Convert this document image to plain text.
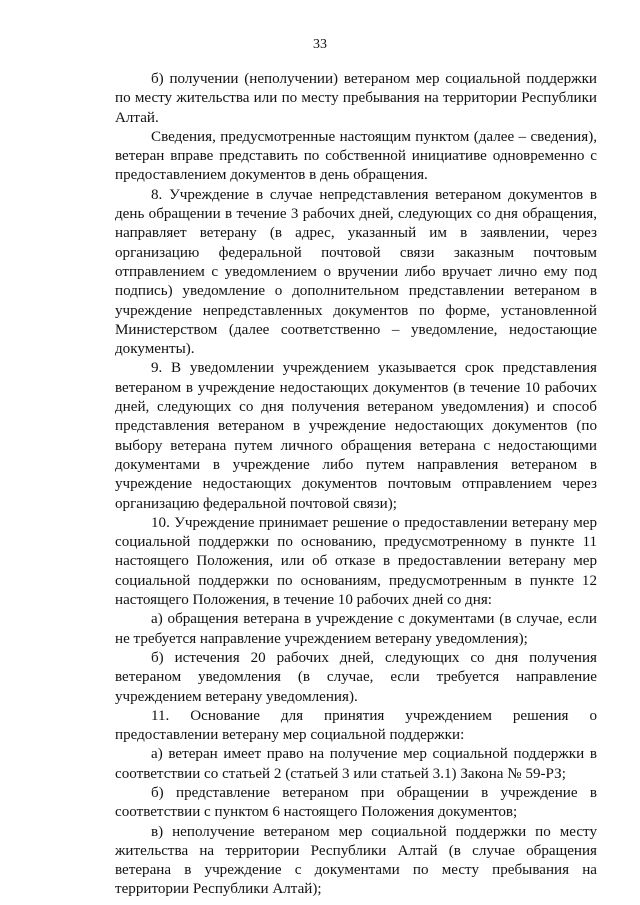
33

б) получении (неполучении) ветераном мер социальной поддержки по месту жительства или по месту пребывания на территории Республики Алтай.

Сведения, предусмотренные настоящим пунктом (далее – сведения), ветеран вправе представить по собственной инициативе одновременно с предоставлением документов в день обращения.

8. Учреждение в случае непредставления ветераном документов в день обращении в течение 3 рабочих дней, следующих со дня обращения, направляет ветерану (в адрес, указанный им в заявлении, через организацию федеральной почтовой связи заказным почтовым отправлением с уведомлением о вручении либо вручает лично ему под подпись) уведомление о дополнительном представлении ветераном в учреждение непредставленных документов по форме, установленной Министерством (далее соответственно – уведомление, недостающие документы).

9. В уведомлении учреждением указывается срок представления ветераном в учреждение недостающих документов (в течение 10 рабочих дней, следующих со дня получения ветераном уведомления) и способ представления ветераном в учреждение недостающих документов (по выбору ветерана путем личного обращения ветерана с недостающими документами в учреждение либо путем направления ветераном в учреждение недостающих документов почтовым отправлением через организацию федеральной почтовой связи);

10. Учреждение принимает решение о предоставлении ветерану мер социальной поддержки по основанию, предусмотренному в пункте 11 настоящего Положения, или об отказе в предоставлении ветерану мер социальной поддержки по основаниям, предусмотренным в пункте 12 настоящего Положения, в течение 10 рабочих дней со дня:

а) обращения ветерана в учреждение с документами (в случае, если не требуется направление учреждением ветерану уведомления);

б) истечения 20 рабочих дней, следующих со дня получения ветераном уведомления (в случае, если требуется направление учреждением ветерану уведомления).

11. Основание для принятия учреждением решения о предоставлении ветерану мер социальной поддержки:

а) ветеран имеет право на получение мер социальной поддержки в соответствии со статьей 2 (статьей 3 или статьей 3.1) Закона № 59-РЗ;

б) представление ветераном при обращении в учреждение в соответствии с пунктом 6 настоящего Положения документов;

в) неполучение ветераном мер социальной поддержки по месту жительства на территории Республики Алтай (в случае обращения ветерана в учреждение с документами по месту пребывания на территории Республики Алтай);
